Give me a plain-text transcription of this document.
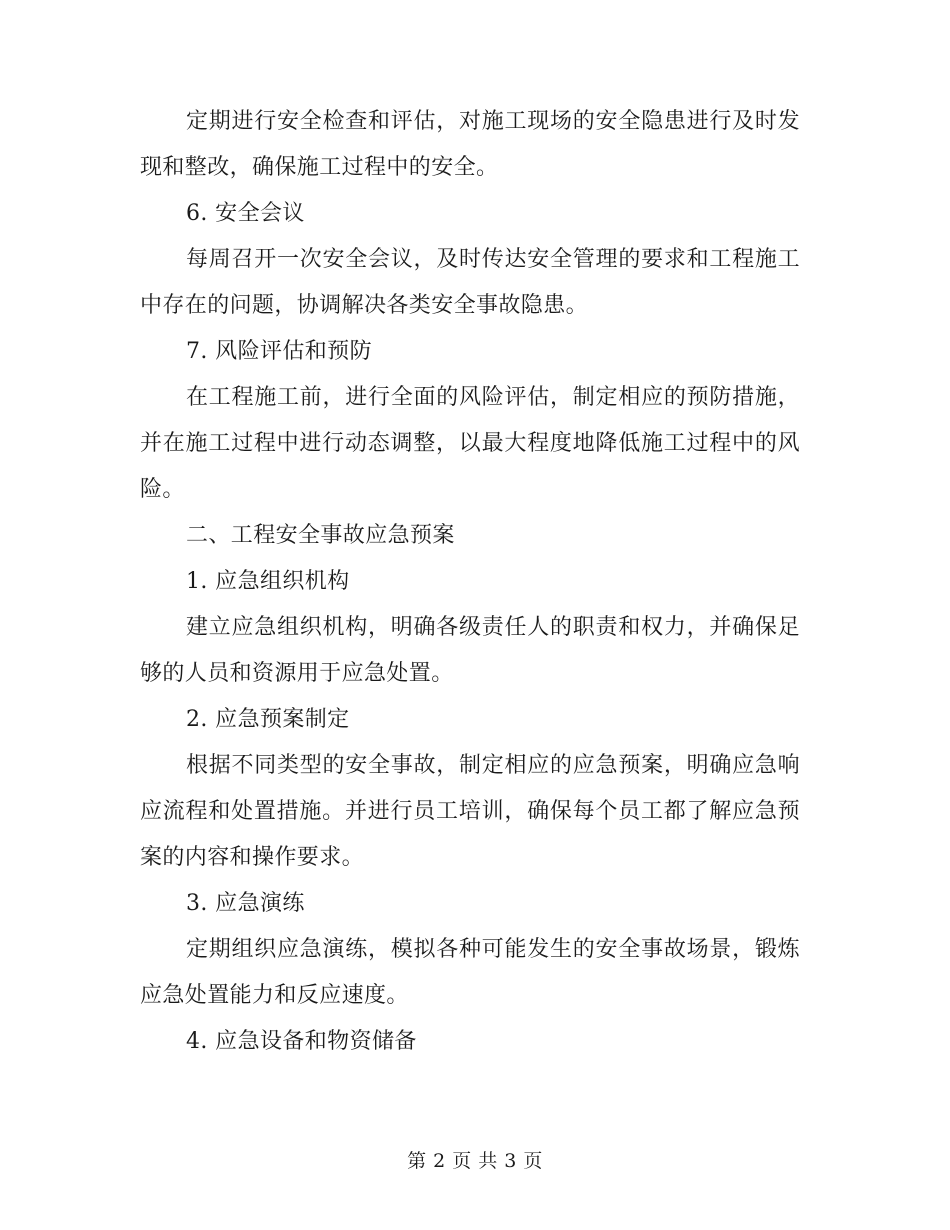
定期进行安全检查和评估，对施工现场的安全隐患进行及时发现和整改，确保施工过程中的安全。

6. 安全会议

每周召开一次安全会议，及时传达安全管理的要求和工程施工中存在的问题，协调解决各类安全事故隐患。

7. 风险评估和预防

在工程施工前，进行全面的风险评估，制定相应的预防措施，并在施工过程中进行动态调整，以最大程度地降低施工过程中的风险。

二、工程安全事故应急预案

1. 应急组织机构

建立应急组织机构，明确各级责任人的职责和权力，并确保足够的人员和资源用于应急处置。

2. 应急预案制定

根据不同类型的安全事故，制定相应的应急预案，明确应急响应流程和处置措施。并进行员工培训，确保每个员工都了解应急预案的内容和操作要求。

3. 应急演练

定期组织应急演练，模拟各种可能发生的安全事故场景，锻炼应急处置能力和反应速度。

4. 应急设备和物资储备

第 2 页 共 3 页
